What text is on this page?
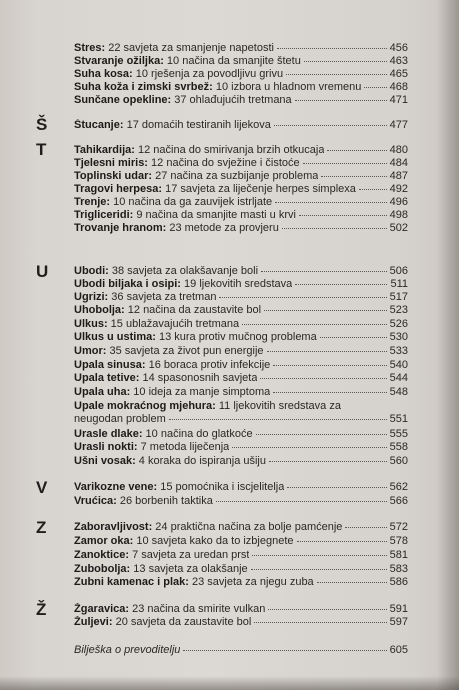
Stres: 22 savjeta za smanjenje napetosti	456
Stvaranje ožiljka: 10 načina da smanjite štetu	463
Suha kosa: 10 rješenja za povodljivu grivu	465
Suha koža i zimski svrbež: 10 izbora u hladnom vremenu	468
Sunčane opekline: 37 ohlađujućih tretmana	471
Š Štucanje: 17 domaćih testiranih lijekova	477
T	Tahikardija: 12 načina do smirivanja brzih otkucaja	480
Tjelesni miris: 12 načina do svježine i čistoće	484
Toplinski udar: 27 načina za suzbijanje problema	487
Tragovi herpesa: 17 savjeta za liječenje herpes simplexa	492
Trenje: 10 načina da ga zauvijek istrljate	496
Trigliceridi: 9 načina da smanjite masti u krvi	498
Trovanje hranom: 23 metode za provjeru	502
U Ubodi: 38 savjeta za olakšavanje boli	506
Ubodi biljaka i osipi: 19 ljekovitih sredstava	511
Ugrizi: 36 savjeta za tretman	517
Uhobolja: 12 načina da zaustavite bol	523
Ulkus: 15 ublažavajućih tretmana	526
Ulkus u ustima: 13 kura protiv mučnog problema	530
Umor: 35 savjeta za život pun energije	533
Upala sinusa: 16 boraca protiv infekcije	540
Upala tetive: 14 spasonosnih savjeta	544
Upala uha: 10 ideja za manje simptoma	548
Upale mokraćnog mjehura: 11 ljekovitih sredstava za
neugodan problem	551
Urasle dlake: 10 načina do glatkoće	555
Urasli nokti: 7 metoda liječenja	558
Ušni vosak: 4 koraka do ispiranja ušiju	560
V Varikozne vene: 15 pomoćnika i iscjelitelja	562
Vrućica: 26 borbenih taktika	566
Z	Zaboravljivost: 24 praktična načina za bolje pamćenje	572
Zamor oka: 10 savjeta kako da to izbjegnete	578
Zanoktice: 7 savjeta za uredan prst	581
Zubobolja: 13 savjeta za olakšanje	583
Zubni kamenac i plak: 23 savjeta za njegu zuba	586
Ž	Žgaravica: 23 načina da smirite vulkan	591
Žuljevi: 20 savjeta da zaustavite bol	597
Bilješka o prevoditelju	605
